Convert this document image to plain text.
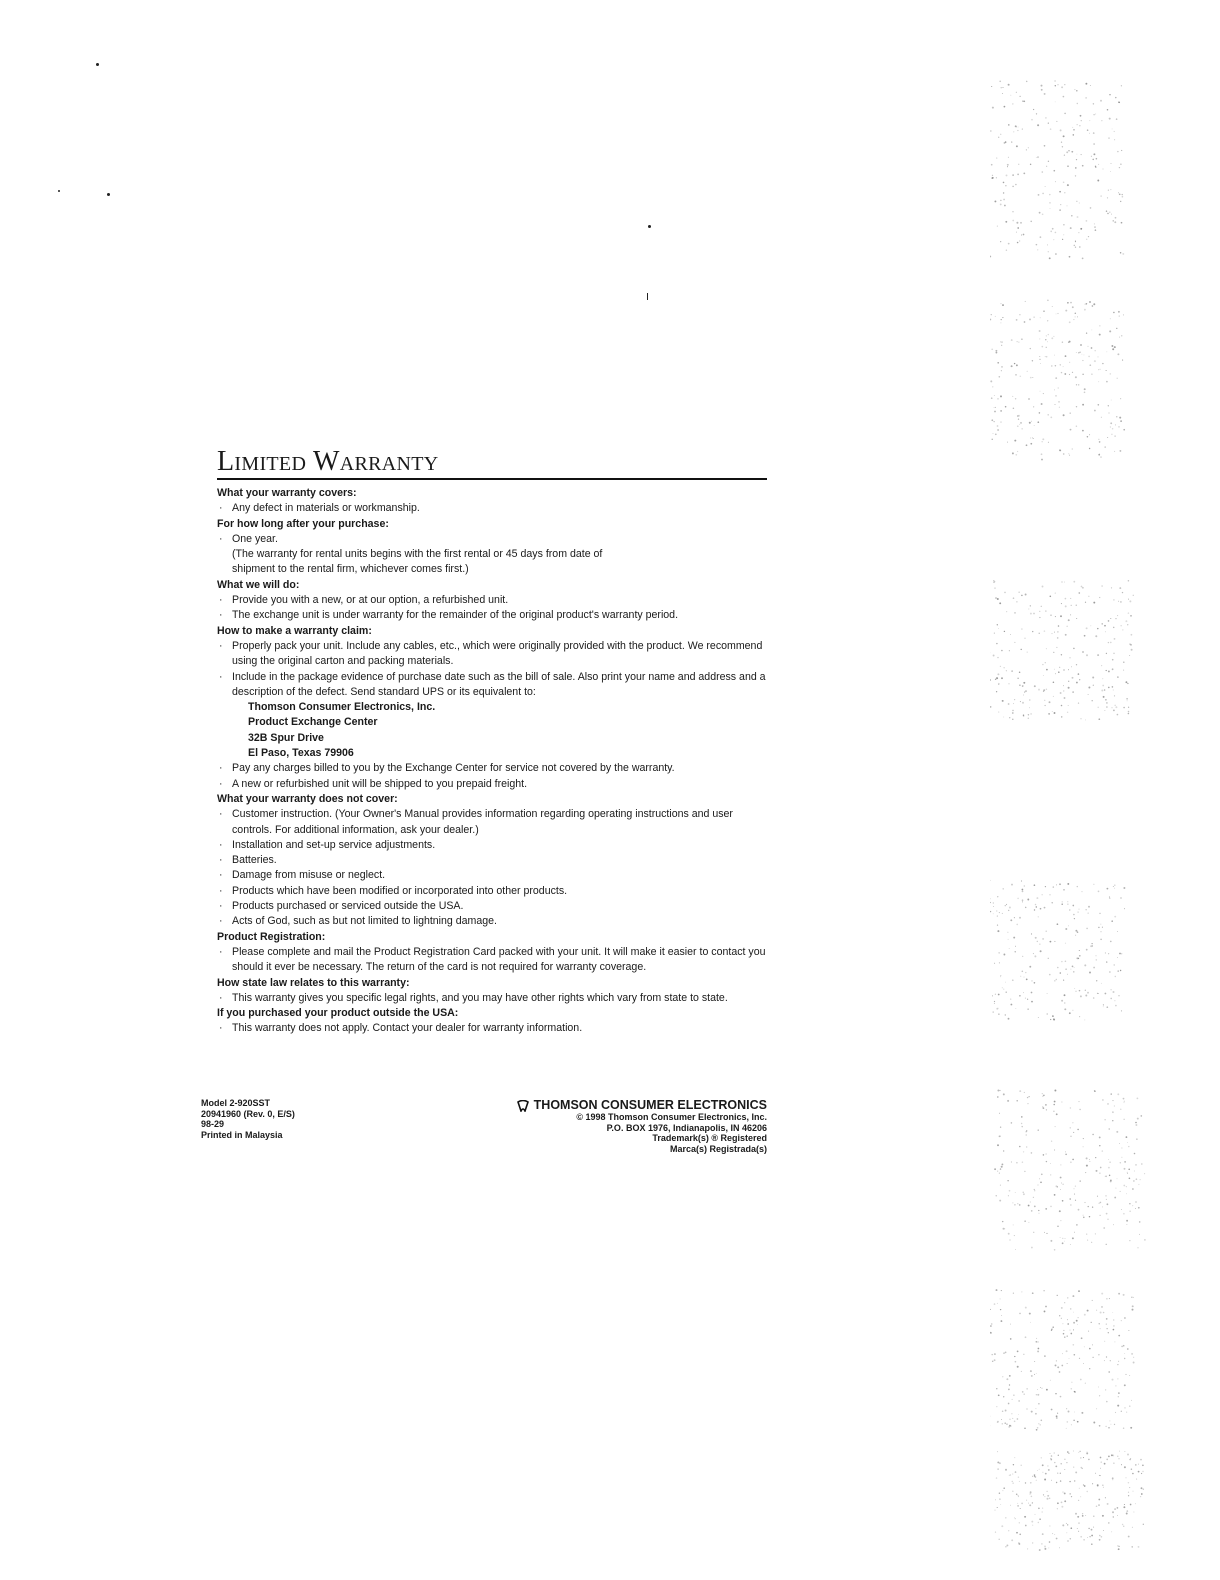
Limited Warranty
What your warranty covers:
· Any defect in materials or workmanship.
For how long after your purchase:
· One year.
(The warranty for rental units begins with the first rental or 45 days from date of
shipment to the rental firm, whichever comes first.)
What we will do:
· Provide you with a new, or at our option, a refurbished unit.
· The exchange unit is under warranty for the remainder of the original product's warranty period.
How to make a warranty claim:
· Properly pack your unit. Include any cables, etc., which were originally provided with the product. We recommend using the original carton and packing materials.
· Include in the package evidence of purchase date such as the bill of sale. Also print your name and address and a description of the defect. Send standard UPS or its equivalent to:
Thomson Consumer Electronics, Inc.
Product Exchange Center
32B Spur Drive
El Paso, Texas 79906
· Pay any charges billed to you by the Exchange Center for service not covered by the warranty.
· A new or refurbished unit will be shipped to you prepaid freight.
What your warranty does not cover:
· Customer instruction. (Your Owner's Manual provides information regarding operating instructions and user controls. For additional information, ask your dealer.)
· Installation and set-up service adjustments.
· Batteries.
· Damage from misuse or neglect.
· Products which have been modified or incorporated into other products.
· Products purchased or serviced outside the USA.
· Acts of God, such as but not limited to lightning damage.
Product Registration:
· Please complete and mail the Product Registration Card packed with your unit. It will make it easier to contact you should it ever be necessary. The return of the card is not required for warranty coverage.
How state law relates to this warranty:
· This warranty gives you specific legal rights, and you may have other rights which vary from state to state.
If you purchased your product outside the USA:
· This warranty does not apply. Contact your dealer for warranty information.
Model 2-920SST
20941960 (Rev. 0, E/S)
98-29
Printed in Malaysia
THOMSON CONSUMER ELECTRONICS
© 1998 Thomson Consumer Electronics, Inc.
P.O. BOX 1976, Indianapolis, IN 46206
Trademark(s) ® Registered
Marca(s) Registrada(s)
